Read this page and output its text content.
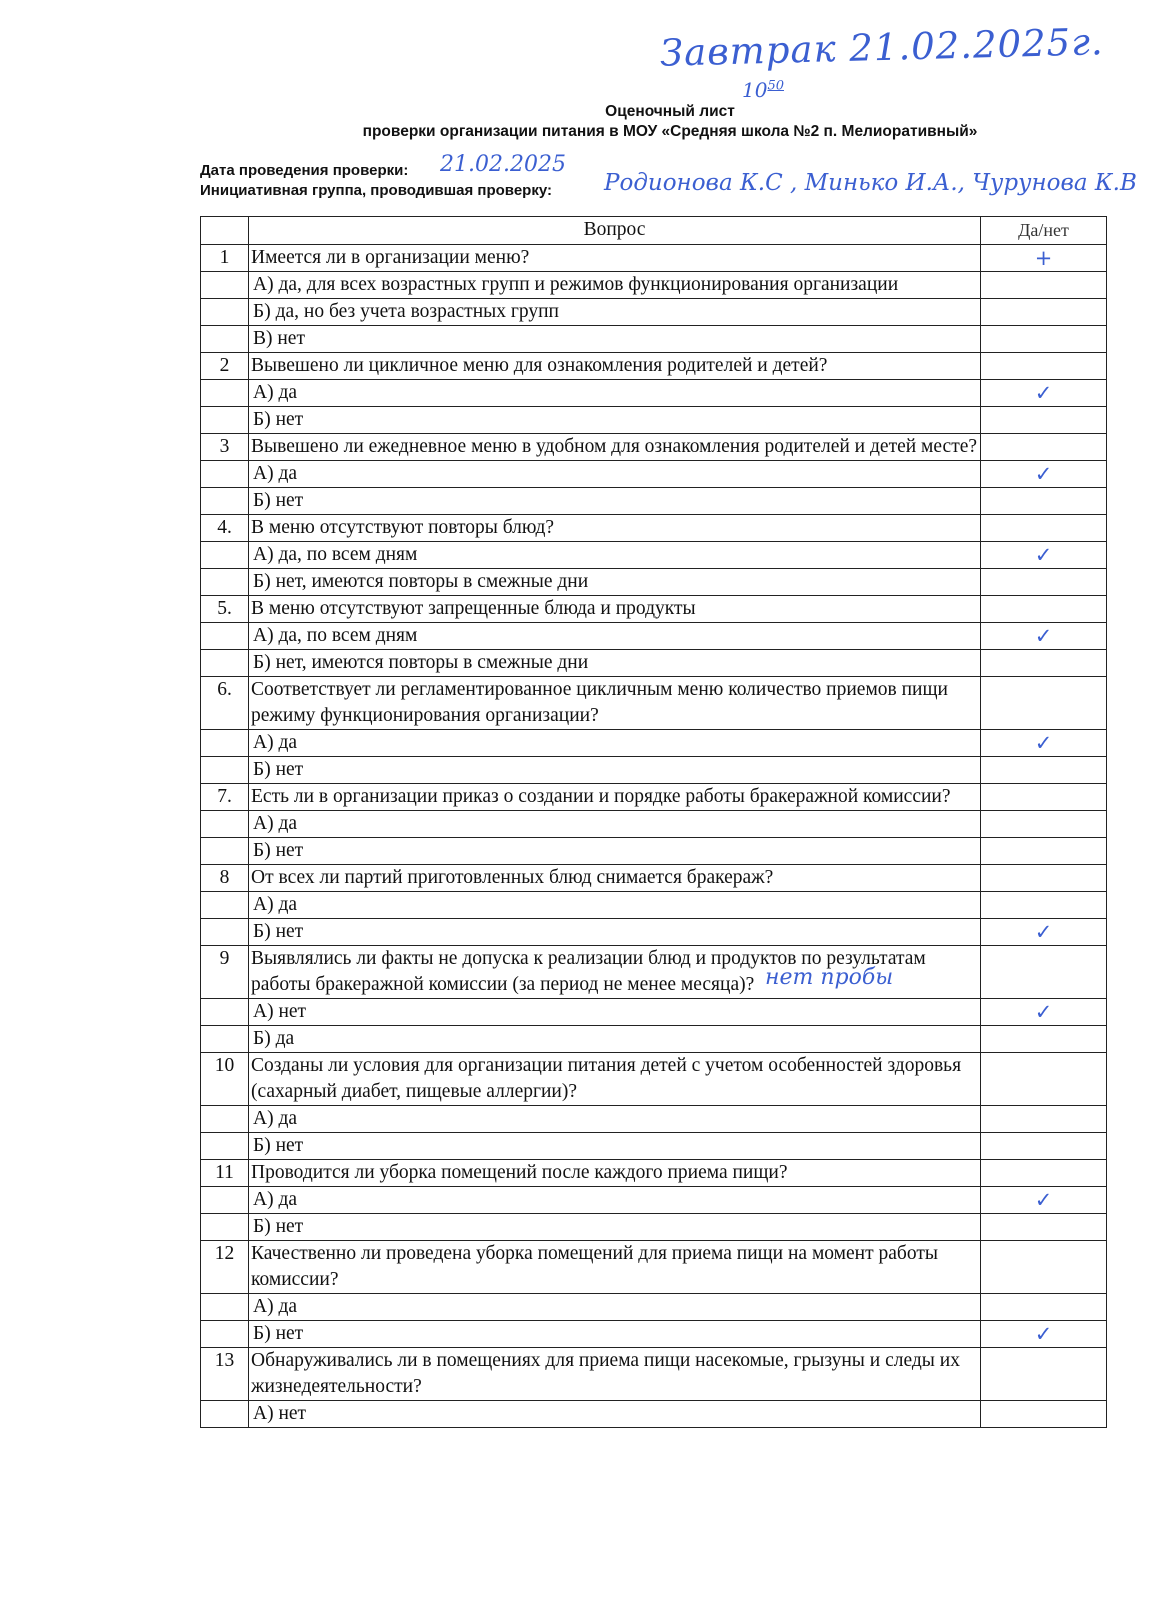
Завтрак 21.02.2025г.
$10^{50}$
Оценочный лист
проверки организации питания в МОУ «Средняя школа №2 п. Мелиоративный»
Дата проведения проверки: 21.02.2025
Инициативная группа, проводившая проверку: Родионова К.С , Минько И.А., Чурунова К.В
	Вопрос	Да/нет
1	Имеется ли в организации меню?	+
	А) да, для всех возрастных групп и режимов функционирования организации	
	Б) да, но без учета возрастных групп	
	В) нет	
2	Вывешено ли цикличное меню для ознакомления родителей и детей?	
	А) да	✓
	Б) нет	
3	Вывешено ли ежедневное меню в удобном для ознакомления родителей и детей месте?	
	А) да	✓
	Б) нет	
4.	В меню отсутствуют повторы блюд?	
	А) да, по всем дням	✓
	Б) нет, имеются повторы в смежные дни	
5.	В меню отсутствуют запрещенные блюда и продукты	
	А) да, по всем дням	✓
	Б) нет, имеются повторы в смежные дни	
6.	Соответствует ли регламентированное цикличным меню количество приемов пищи режиму функционирования организации?	
	А) да	✓
	Б) нет	
7.	Есть ли в организации приказ о создании и порядке работы бракеражной комиссии?	
	А) да	
	Б) нет	
8	От всех ли партий приготовленных блюд снимается бракераж?	
	А) да	
	Б) нет	✓
9	Выявлялись ли факты не допуска к реализации блюд и продуктов по результатам работы бракеражной комиссии (за период не менее месяца)?	
	А) нет	✓
	Б) да	
10	Созданы ли условия для организации питания детей с учетом особенностей здоровья (сахарный диабет, пищевые аллергии)?	
	А) да	
	Б) нет	
11	Проводится ли уборка помещений после каждого приема пищи?	
	А) да	✓
	Б) нет	
12	Качественно ли проведена уборка помещений для приема пищи на момент работы комиссии?	
	А) да	
	Б) нет	✓
13	Обнаруживались ли в помещениях для приема пищи насекомые, грызуны и следы их жизнедеятельности?	
	А) нет	
нет пробы
